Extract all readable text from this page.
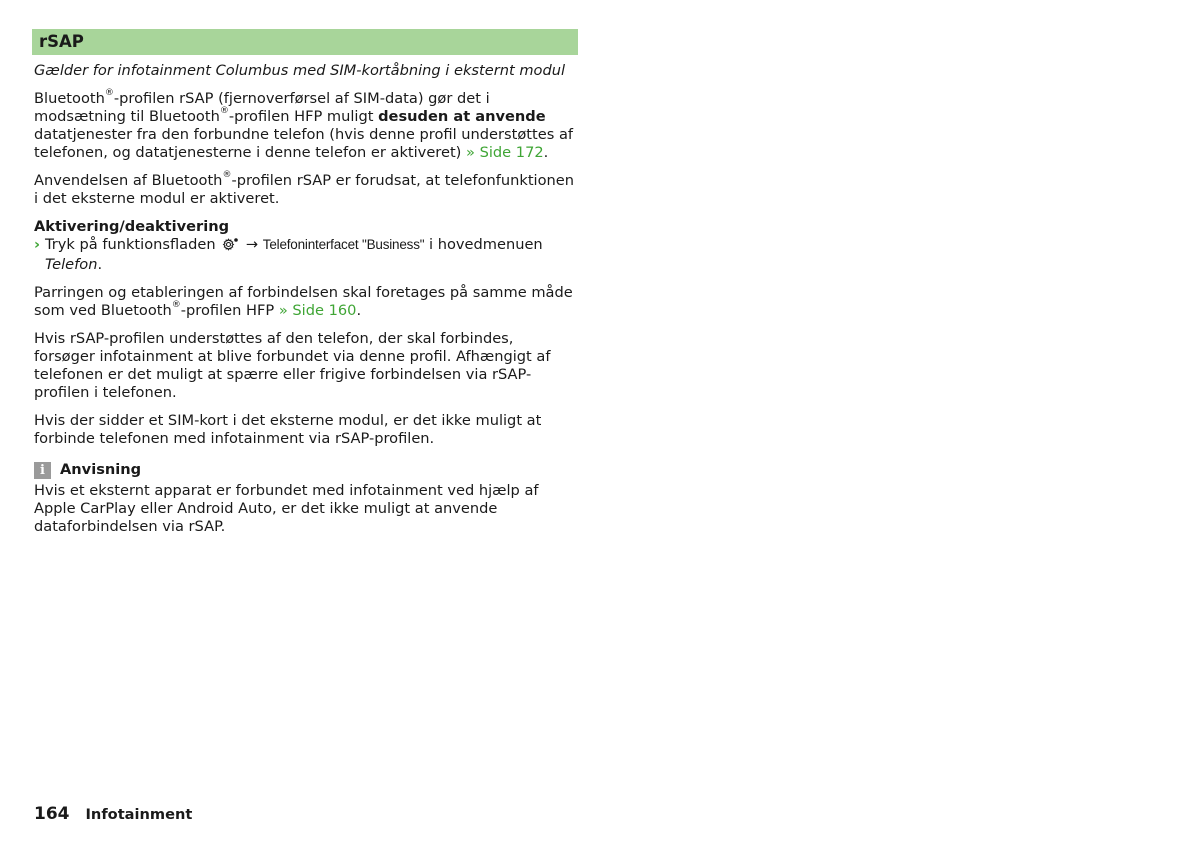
rSAP

Gælder for infotainment Columbus med SIM-kortåbning i eksternt modul

Bluetooth®-profilen rSAP (fjernoverførsel af SIM-data) gør det i modsætning til Bluetooth®-profilen HFP muligt desuden at anvende datatjenester fra den forbundne telefon (hvis denne profil understøttes af telefonen, og datatjenesterne i denne telefon er aktiveret) » Side 172.

Anvendelsen af Bluetooth®-profilen rSAP er forudsat, at telefonfunktionen i det eksterne modul er aktiveret.

Aktivering/deaktivering

› Tryk på funktionsfladen  → Telefoninterfacet "Business" i hovedmenuen Telefon.

Parringen og etableringen af forbindelsen skal foretages på samme måde som ved Bluetooth®-profilen HFP » Side 160.

Hvis rSAP-profilen understøttes af den telefon, der skal forbindes, forsøger infotainment at blive forbundet via denne profil. Afhængigt af telefonen er det muligt at spærre eller frigive forbindelsen via rSAP-profilen i telefonen.

Hvis der sidder et SIM-kort i det eksterne modul, er det ikke muligt at forbinde telefonen med infotainment via rSAP-profilen.

i	Anvisning

Hvis et eksternt apparat er forbundet med infotainment ved hjælp af Apple CarPlay eller Android Auto, er det ikke muligt at anvende dataforbindelsen via rSAP.

164 Infotainment
